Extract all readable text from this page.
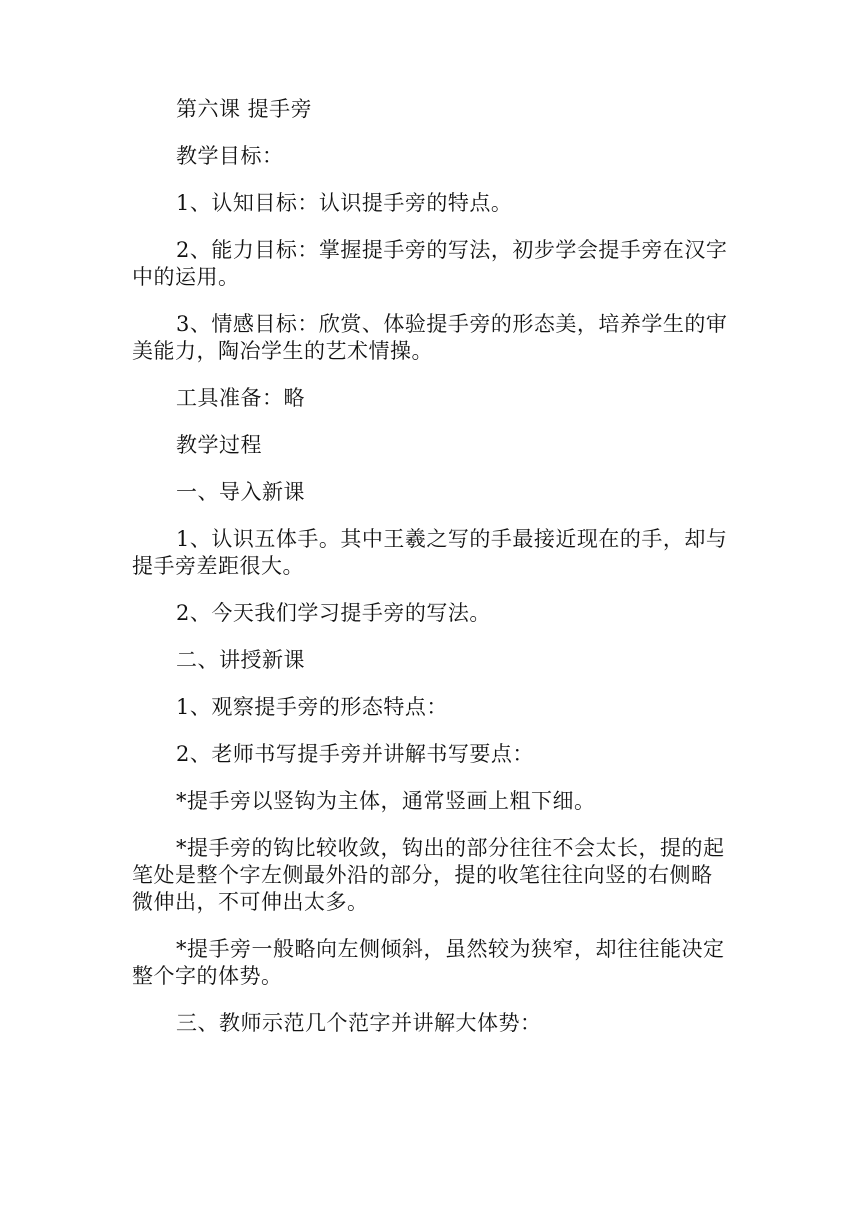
第六课 提手旁

教学目标：

1、认知目标：认识提手旁的特点。

2、能力目标：掌握提手旁的写法，初步学会提手旁在汉字中的运用。

3、情感目标：欣赏、体验提手旁的形态美，培养学生的审美能力，陶冶学生的艺术情操。

工具准备：略

教学过程

一、导入新课

1、认识五体手。其中王羲之写的手最接近现在的手，却与提手旁差距很大。

2、今天我们学习提手旁的写法。

二、讲授新课

1、观察提手旁的形态特点：

2、老师书写提手旁并讲解书写要点：

*提手旁以竖钩为主体，通常竖画上粗下细。

*提手旁的钩比较收敛，钩出的部分往往不会太长，提的起笔处是整个字左侧最外沿的部分，提的收笔往往向竖的右侧略微伸出，不可伸出太多。

*提手旁一般略向左侧倾斜，虽然较为狭窄，却往往能决定整个字的体势。

三、教师示范几个范字并讲解大体势：
